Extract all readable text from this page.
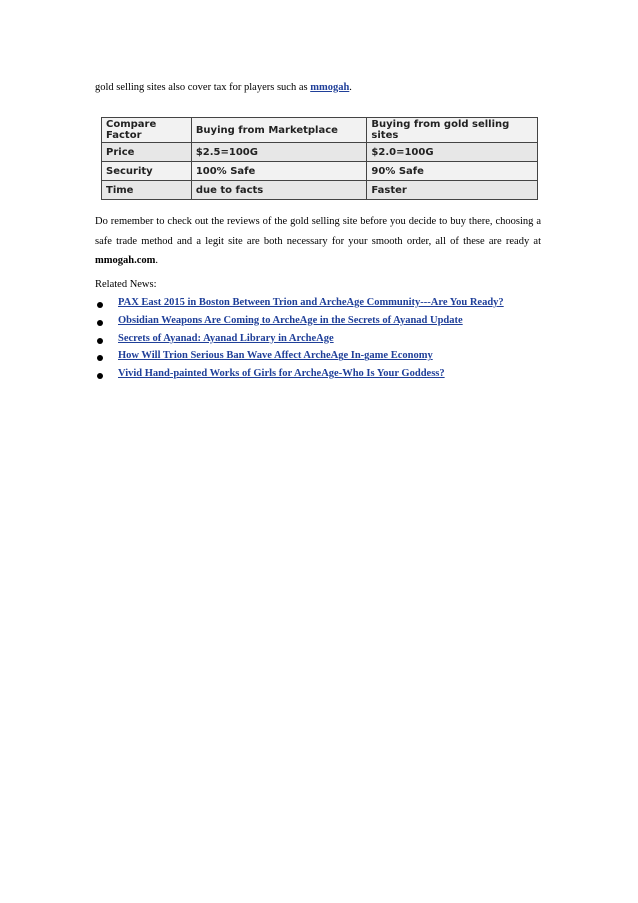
gold selling sites also cover tax for players such as mmogah.
Compare Factor	Buying from Marketplace	Buying from gold selling sites
Price	$2.5=100G	$2.0=100G
Security	100% Safe	90% Safe
Time	due to facts	Faster
Do remember to check out the reviews of the gold selling site before you decide to buy there, choosing a safe trade method and a legit site are both necessary for your smooth order, all of these are ready at mmogah.com.
Related News:
PAX East 2015 in Boston Between Trion and ArcheAge Community---Are You Ready?
Obsidian Weapons Are Coming to ArcheAge in the Secrets of Ayanad Update
Secrets of Ayanad: Ayanad Library in ArcheAge
How Will Trion Serious Ban Wave Affect ArcheAge In-game Economy
Vivid Hand-painted Works of Girls for ArcheAge-Who Is Your Goddess?
